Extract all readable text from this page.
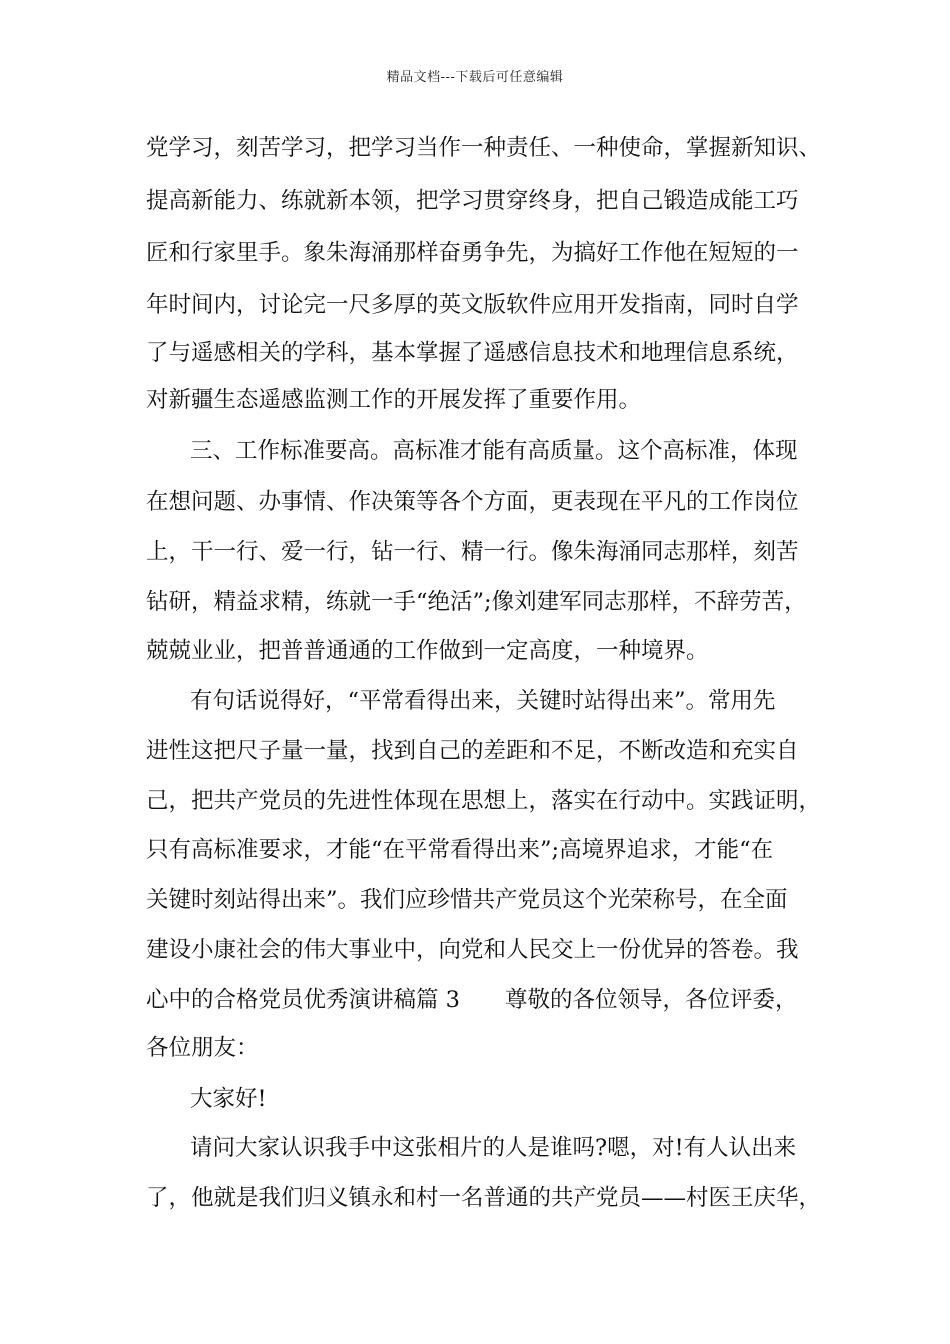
精品文档---下载后可任意编辑
党学习，刻苦学习，把学习当作一种责任、一种使命，掌握新知识、
提高新能力、练就新本领，把学习贯穿终身，把自己锻造成能工巧
匠和行家里手。象朱海涌那样奋勇争先，为搞好工作他在短短的一
年时间内，讨论完一尺多厚的英文版软件应用开发指南，同时自学
了与遥感相关的学科，基本掌握了遥感信息技术和地理信息系统，
对新疆生态遥感监测工作的开展发挥了重要作用。
三、工作标准要高。高标准才能有高质量。这个高标准，体现
在想问题、办事情、作决策等各个方面，更表现在平凡的工作岗位
上，干一行、爱一行，钻一行、精一行。像朱海涌同志那样，刻苦
钻研，精益求精，练就一手“绝活”;像刘建军同志那样，不辞劳苦，
兢兢业业，把普普通通的工作做到一定高度，一种境界。
有句话说得好，“平常看得出来，关键时站得出来”。常用先
进性这把尺子量一量，找到自己的差距和不足，不断改造和充实自
己，把共产党员的先进性体现在思想上，落实在行动中。实践证明，
只有高标准要求，才能“在平常看得出来”;高境界追求，才能“在
关键时刻站得出来”。我们应珍惜共产党员这个光荣称号，在全面
建设小康社会的伟大事业中，向党和人民交上一份优异的答卷。我
心中的合格党员优秀演讲稿篇 3　　尊敬的各位领导，各位评委，
各位朋友：
大家好!
请问大家认识我手中这张相片的人是谁吗?嗯，对!有人认出来
了，他就是我们归义镇永和村一名普通的共产党员——村医王庆华，
